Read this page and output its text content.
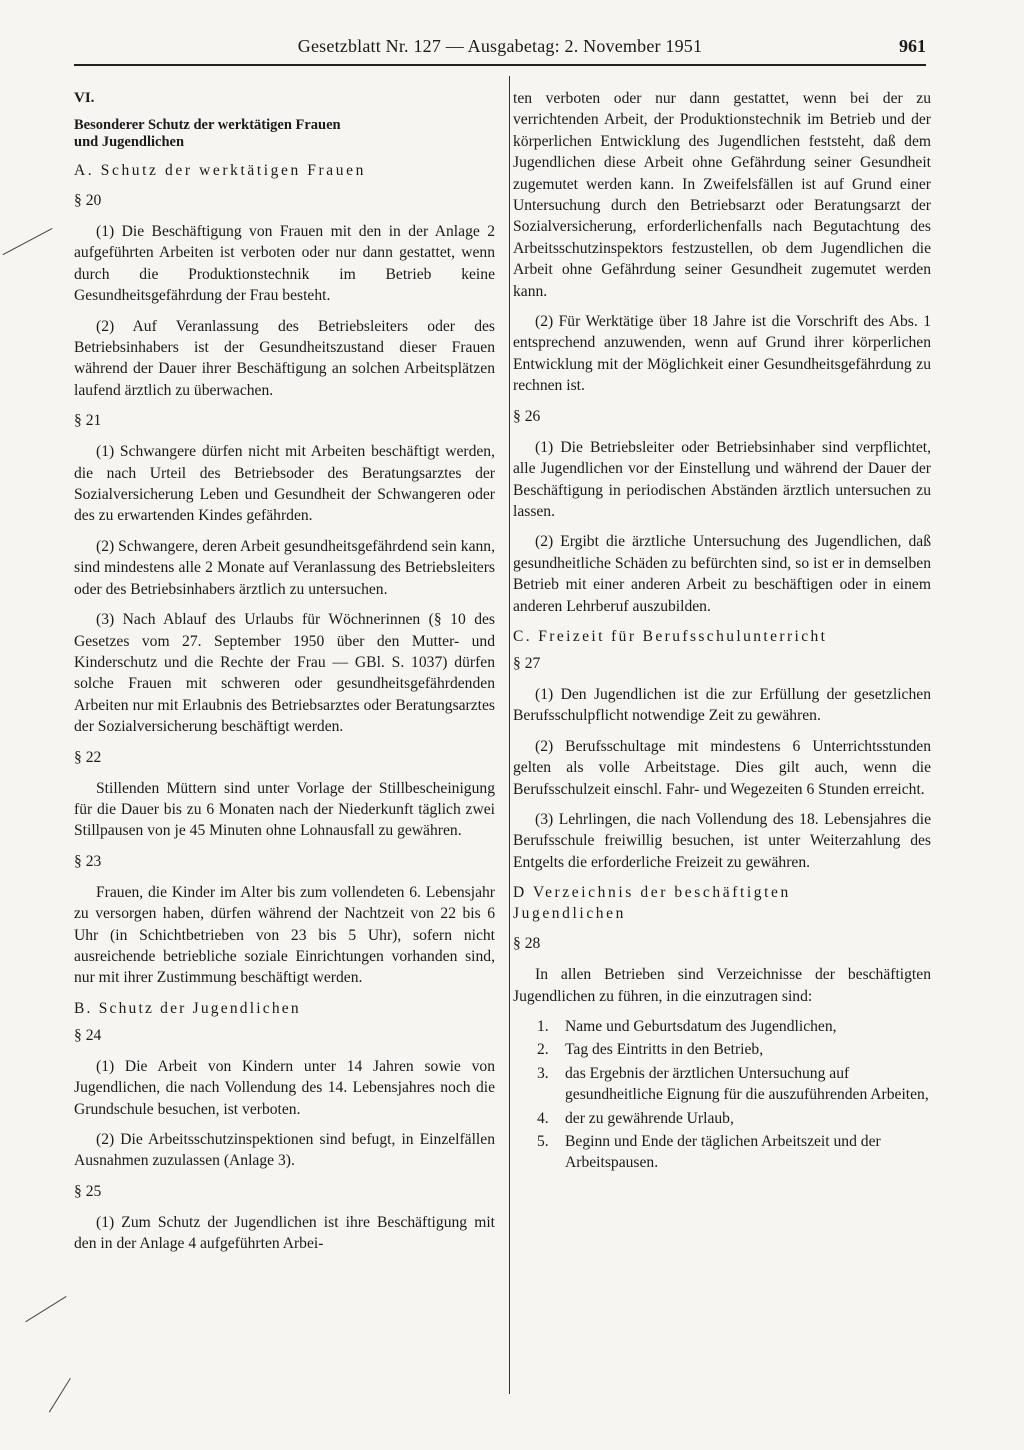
Gesetzblatt Nr. 127 — Ausgabetag: 2. November 1951	961

VI.

Besonderer Schutz der werktätigen Frauen

und Jugendlichen

A. Schutz der werktätigen Frauen

§ 20

(1) Die Beschäftigung von Frauen mit den in der Anlage 2 aufgeführten Arbeiten ist verboten oder nur dann gestattet, wenn durch die Produktionstechnik im Betrieb keine Gesundheitsgefährdung der Frau besteht.

(2) Auf Veranlassung des Betriebsleiters oder des Betriebsinhabers ist der Gesundheitszustand dieser Frauen während der Dauer ihrer Beschäftigung an solchen Arbeitsplätzen laufend ärztlich zu überwachen.

§ 21

(1) Schwangere dürfen nicht mit Arbeiten beschäftigt werden, die nach Urteil des Betriebsoder des Beratungsarztes der Sozialversicherung Leben und Gesundheit der Schwangeren oder des zu erwartenden Kindes gefährden.

(2) Schwangere, deren Arbeit gesundheitsgefährdend sein kann, sind mindestens alle 2 Monate auf Veranlassung des Betriebsleiters oder des Betriebsinhabers ärztlich zu untersuchen.

(3) Nach Ablauf des Urlaubs für Wöchnerinnen (§ 10 des Gesetzes vom 27. September 1950 über den Mutter- und Kinderschutz und die Rechte der Frau — GBl. S. 1037) dürfen solche Frauen mit schweren oder gesundheitsgefährdenden Arbeiten nur mit Erlaubnis des Betriebsarztes oder Beratungsarztes der Sozialversicherung beschäftigt werden.

§ 22

Stillenden Müttern sind unter Vorlage der Stillbescheinigung für die Dauer bis zu 6 Monaten nach der Niederkunft täglich zwei Stillpausen von je 45 Minuten ohne Lohnausfall zu gewähren.

§ 23

Frauen, die Kinder im Alter bis zum vollendeten 6. Lebensjahr zu versorgen haben, dürfen während der Nachtzeit von 22 bis 6 Uhr (in Schichtbetrieben von 23 bis 5 Uhr), sofern nicht ausreichende betriebliche soziale Einrichtungen vorhanden sind, nur mit ihrer Zustimmung beschäftigt werden.

B. Schutz der Jugendlichen

§ 24

(1) Die Arbeit von Kindern unter 14 Jahren sowie von Jugendlichen, die nach Vollendung des 14. Lebensjahres noch die Grundschule besuchen, ist verboten.

(2) Die Arbeitsschutzinspektionen sind befugt, in Einzelfällen Ausnahmen zuzulassen (Anlage 3).

§ 25

(1) Zum Schutz der Jugendlichen ist ihre Beschäftigung mit den in der Anlage 4 aufgeführten Arbei-

ten verboten oder nur dann gestattet, wenn bei der zu verrichtenden Arbeit, der Produktionstechnik im Betrieb und der körperlichen Entwicklung des Jugendlichen feststeht, daß dem Jugendlichen diese Arbeit ohne Gefährdung seiner Gesundheit zugemutet werden kann. In Zweifelsfällen ist auf Grund einer Untersuchung durch den Betriebsarzt oder Beratungsarzt der Sozialversicherung, erforderlichenfalls nach Begutachtung des Arbeitsschutzinspektors festzustellen, ob dem Jugendlichen die Arbeit ohne Gefährdung seiner Gesundheit zugemutet werden kann.

(2) Für Werktätige über 18 Jahre ist die Vorschrift des Abs. 1 entsprechend anzuwenden, wenn auf Grund ihrer körperlichen Entwicklung mit der Möglichkeit einer Gesundheitsgefährdung zu rechnen ist.

§ 26

(1) Die Betriebsleiter oder Betriebsinhaber sind verpflichtet, alle Jugendlichen vor der Einstellung und während der Dauer der Beschäftigung in periodischen Abständen ärztlich untersuchen zu lassen.

(2) Ergibt die ärztliche Untersuchung des Jugendlichen, daß gesundheitliche Schäden zu befürchten sind, so ist er in demselben Betrieb mit einer anderen Arbeit zu beschäftigen oder in einem anderen Lehrberuf auszubilden.

C. Freizeit für Berufsschulunterricht

§ 27

(1) Den Jugendlichen ist die zur Erfüllung der gesetzlichen Berufsschulpflicht notwendige Zeit zu gewähren.

(2) Berufsschultage mit mindestens 6 Unterrichtsstunden gelten als volle Arbeitstage. Dies gilt auch, wenn die Berufsschulzeit einschl. Fahr- und Wegezeiten 6 Stunden erreicht.

(3) Lehrlingen, die nach Vollendung des 18. Lebensjahres die Berufsschule freiwillig besuchen, ist unter Weiterzahlung des Entgelts die erforderliche Freizeit zu gewähren.

D Verzeichnis der beschäftigten

Jugendlichen

§ 28

In allen Betrieben sind Verzeichnisse der beschäftigten Jugendlichen zu führen, in die einzutragen sind:

1. Name und Geburtsdatum des Jugendlichen,
2. Tag des Eintritts in den Betrieb,
3. das Ergebnis der ärztlichen Untersuchung auf gesundheitliche Eignung für die auszuführenden Arbeiten,
4. der zu gewährende Urlaub,
5. Beginn und Ende der täglichen Arbeitszeit und der Arbeitspausen.
